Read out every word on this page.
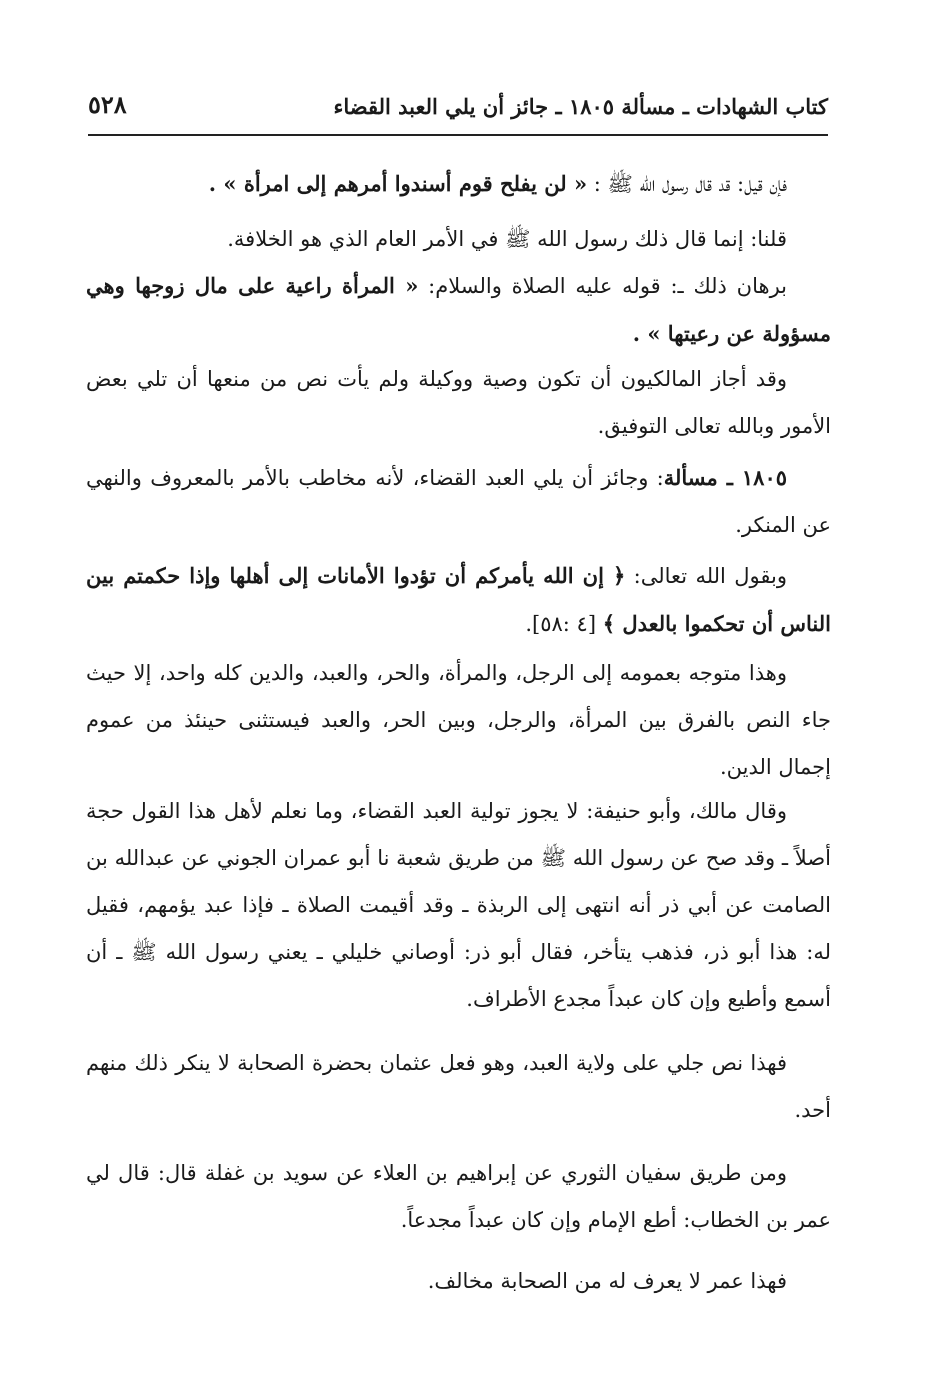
كتاب الشهادات ـ مسألة ١٨٠٥ ـ جائز أن يلي العبد القضاء
٥٢٨

فإن قيل: قد قال رسول الله ﷺ : « لن يفلح قوم أسندوا أمرهم إلى امرأة » .

قلنا: إنما قال ذلك رسول الله ﷺ في الأمر العام الذي هو الخلافة.

برهان ذلك ـ: قوله عليه الصلاة والسلام: « المرأة راعية على مال زوجها وهي مسؤولة عن رعيتها » .

وقد أجاز المالكيون أن تكون وصية ووكيلة ولم يأت نص من منعها أن تلي بعض الأمور وبالله تعالى التوفيق.

١٨٠٥ ـ مسألة: وجائز أن يلي العبد القضاء، لأنه مخاطب بالأمر بالمعروف والنهي عن المنكر.

وبقول الله تعالى: ﴿ إن الله يأمركم أن تؤدوا الأمانات إلى أهلها وإذا حكمتم بين الناس أن تحكموا بالعدل ﴾ [٤ :٥٨].

وهذا متوجه بعمومه إلى الرجل، والمرأة، والحر، والعبد، والدين كله واحد، إلا حيث جاء النص بالفرق بين المرأة، والرجل، وبين الحر، والعبد فيستثنى حينئذ من عموم إجمال الدين.

وقال مالك، وأبو حنيفة: لا يجوز تولية العبد القضاء، وما نعلم لأهل هذا القول حجة أصلاً ـ وقد صح عن رسول الله ﷺ من طريق شعبة نا أبو عمران الجوني عن عبدالله بن الصامت عن أبي ذر أنه انتهى إلى الربذة ـ وقد أقيمت الصلاة ـ فإذا عبد يؤمهم، فقيل له: هذا أبو ذر، فذهب يتأخر، فقال أبو ذر: أوصاني خليلي ـ يعني رسول الله ﷺ ـ أن أسمع وأطيع وإن كان عبداً مجدع الأطراف.

فهذا نص جلي على ولاية العبد، وهو فعل عثمان بحضرة الصحابة لا ينكر ذلك منهم أحد.

ومن طريق سفيان الثوري عن إبراهيم بن العلاء عن سويد بن غفلة قال: قال لي عمر بن الخطاب: أطع الإمام وإن كان عبداً مجدعاً.

فهذا عمر لا يعرف له من الصحابة مخالف.
